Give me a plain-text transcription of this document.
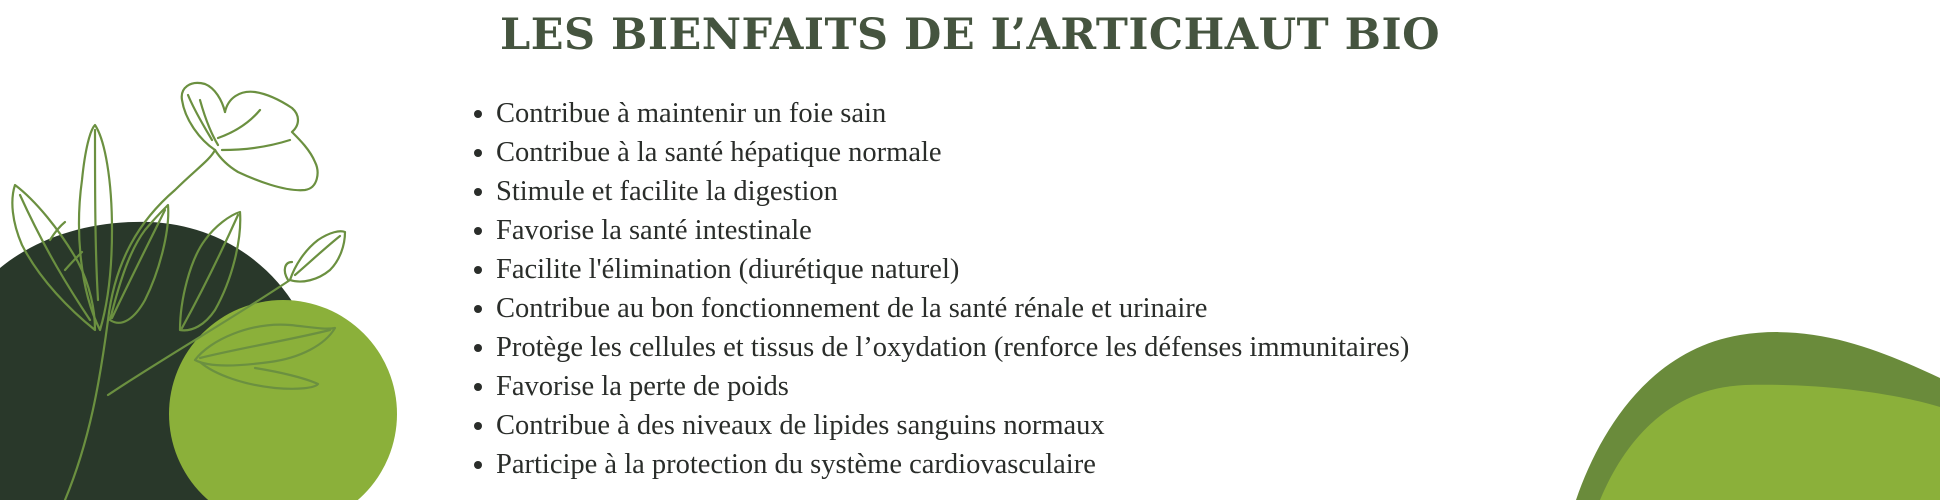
LES BIENFAITS DE L’ARTICHAUT BIO
Contribue à maintenir un foie sain
Contribue à la santé hépatique normale
Stimule et facilite la digestion
Favorise la santé intestinale
Facilite l'élimination (diurétique naturel)
Contribue au bon fonctionnement de la santé rénale et urinaire
Protège les cellules et tissus de l’oxydation (renforce les défenses immunitaires)
Favorise la perte de poids
Contribue à des niveaux de lipides sanguins normaux
Participe à la protection du système cardiovasculaire
